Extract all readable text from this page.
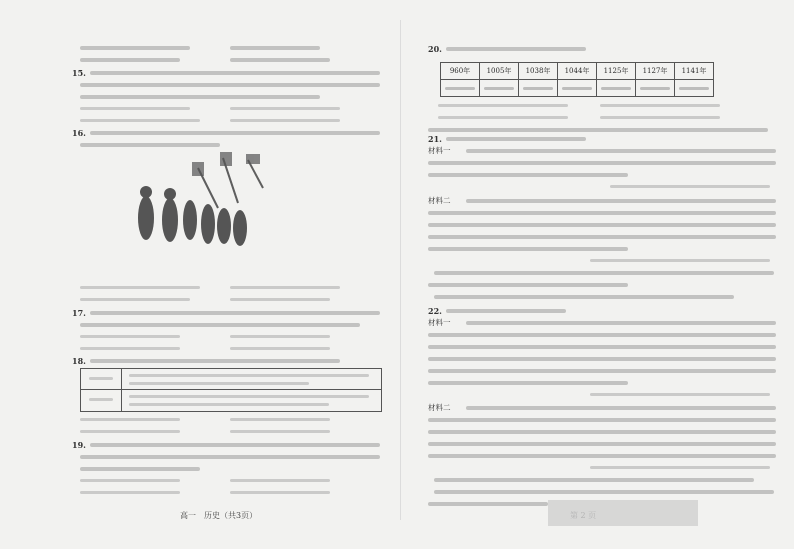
15.
16.
17.
18.
19.
高一　历史（共3页）
20.
960年	1005年	1038年	1044年	1125年	1127年	1141年

21.
材料一
材料二
22.
材料一
材料二
